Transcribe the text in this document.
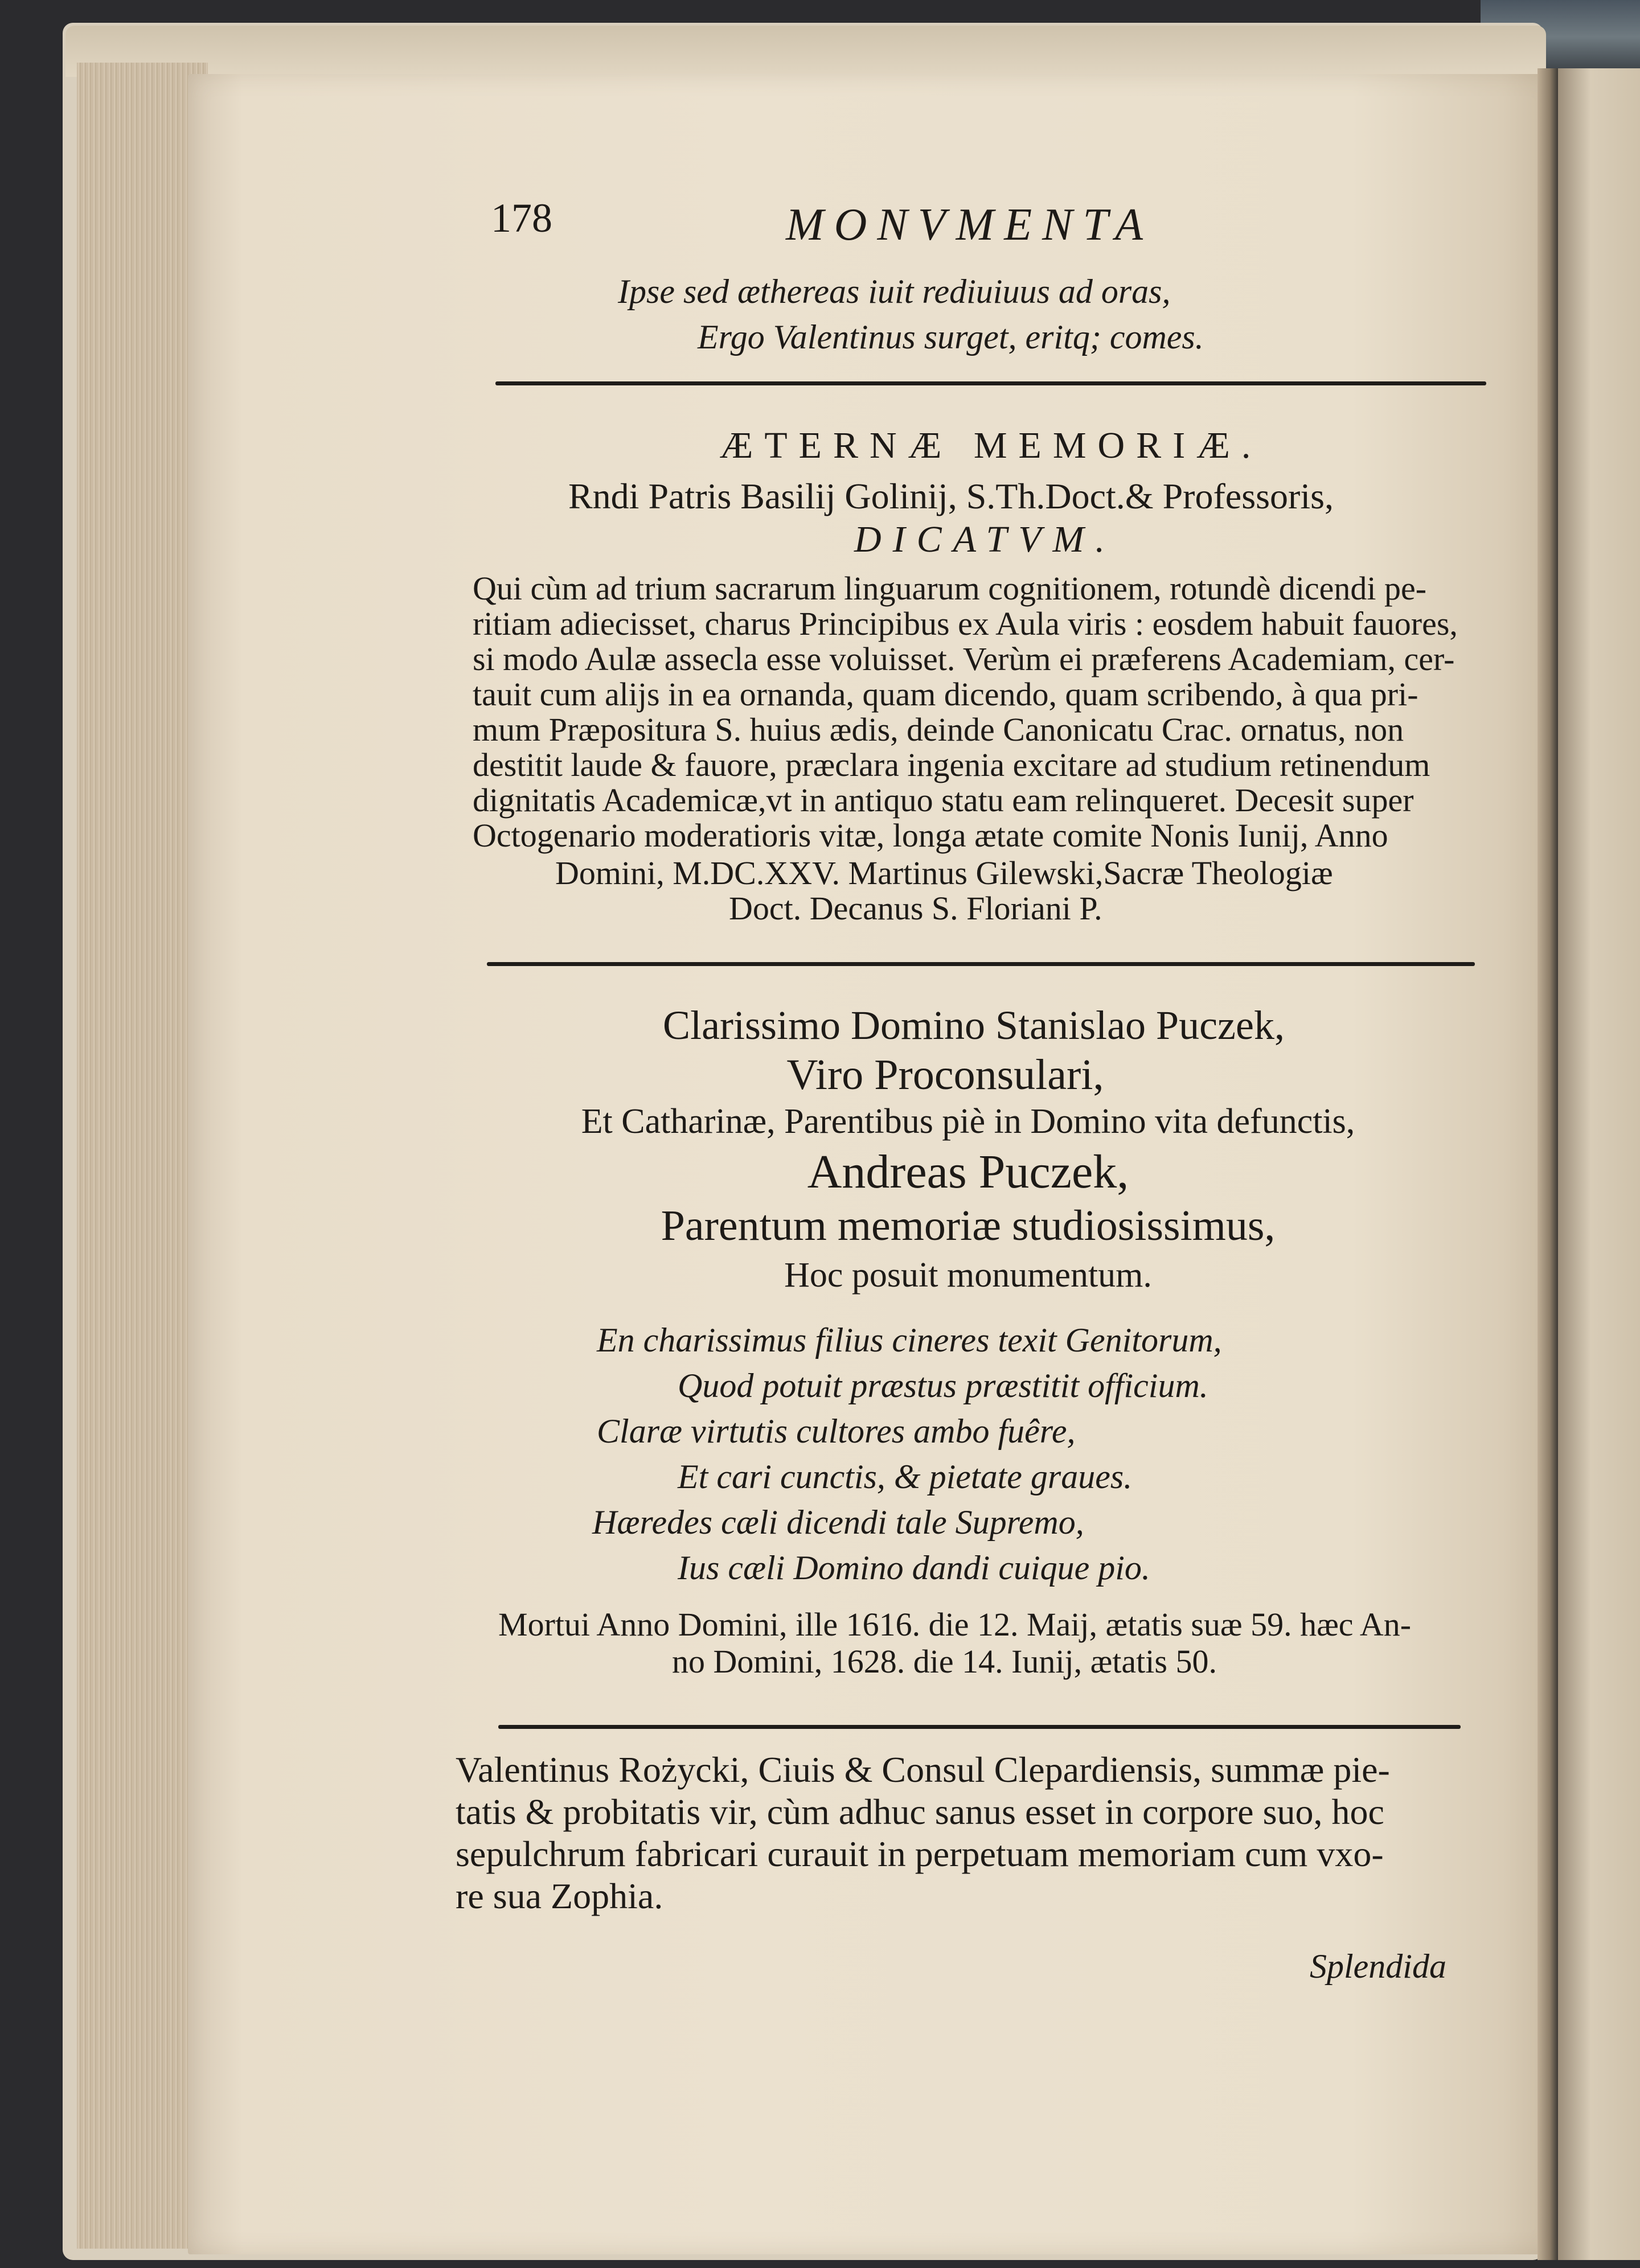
178	MONVMENTA
Ipse sed æthereas iuit rediuiuus ad oras,
Ergo Valentinus surget, eritq; comes.
ÆTERNÆ MEMORIÆ.
Rndi Patris Basilij Golinij, S.Th.Doct.& Professoris,
DICATVM.
Qui cùm ad trium sacrarum linguarum cognitionem, rotundè dicendi pe-
ritiam adiecisset, charus Principibus ex Aula viris : eosdem habuit fauores,
si modo Aulæ assecla esse voluisset. Verùm ei præferens Academiam, cer-
tauit cum alijs in ea ornanda, quam dicendo, quam scribendo, à qua pri-
mum Præpositura S. huius ædis, deinde Canonicatu Crac. ornatus, non
destitit laude & fauore, præclara ingenia excitare ad studium retinendum
dignitatis Academicæ,vt in antiquo statu eam relinqueret. Decesit super
Octogenario moderatioris vitæ, longa ætate comite Nonis Iunij, Anno
Domini, M.DC.XXV. Martinus Gilewski,Sacræ Theologiæ
Doct. Decanus S. Floriani P.
Clarissimo Domino Stanislao Puczek,
Viro Proconsulari,
Et Catharinæ, Parentibus piè in Domino vita defunctis,
Andreas Puczek,
Parentum memoriæ studiosissimus,
Hoc posuit monumentum.
En charissimus filius cineres texit Genitorum,
Quod potuit præstus præstitit officium.
Claræ virtutis cultores ambo fuêre,
Et cari cunctis, & pietate graues.
Hæredes cæli dicendi tale Supremo,
Ius cæli Domino dandi cuique pio.
Mortui Anno Domini, ille 1616. die 12. Maij, ætatis suæ 59. hæc An-
no Domini, 1628. die 14. Iunij, ætatis 50.
Valentinus Rożycki, Ciuis & Consul Clepardiensis, summæ pie-
tatis & probitatis vir, cùm adhuc sanus esset in corpore suo, hoc
sepulchrum fabricari curauit in perpetuam memoriam cum vxo-
re sua Zophia.
Splendida
